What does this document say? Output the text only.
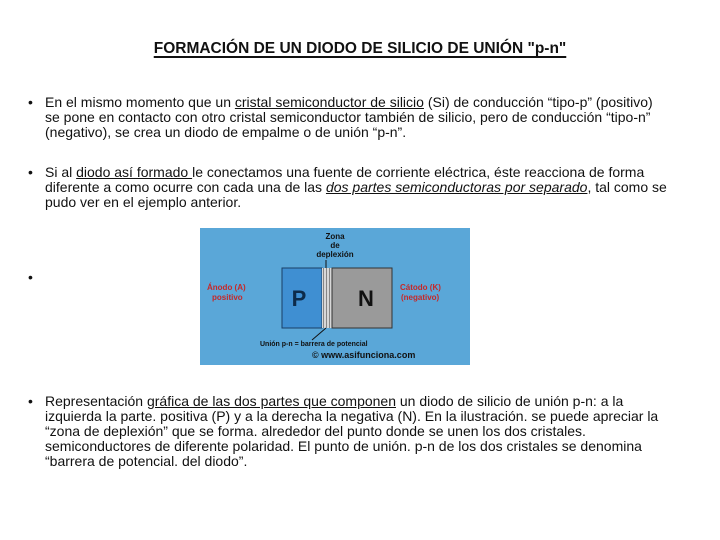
FORMACIÓN DE UN DIODO DE SILICIO DE UNIÓN "p-n"
• En el mismo momento que un cristal semiconductor de silicio (Si) de conducción “tipo-p” (positivo) se pone en contacto con otro cristal semiconductor también de silicio, pero de conducción “tipo-n” (negativo), se crea un diodo de empalme o de unión “p-n”.
• Si al diodo así formado le conectamos una fuente de corriente eléctrica, éste reacciona de forma diferente a como ocurre con cada una de las dos partes semiconductoras por separado, tal como se pudo ver en el ejemplo anterior.
•
P N
Zona
de
deplexión
Ánodo (A)
positivo
Cátodo (K)
(negativo)
Unión p-n = barrera de potencial
© www.asifunciona.com
• Representación gráfica de las dos partes que componen un diodo de silicio de unión p-n: a la izquierda la parte. positiva (P) y a la derecha la negativa (N). En la ilustración. se puede apreciar la “zona de deplexión” que se forma. alrededor del punto donde se unen los dos cristales. semiconductores de diferente polaridad. El punto de unión. p-n de los dos cristales se denomina “barrera de potencial. del diodo”.
